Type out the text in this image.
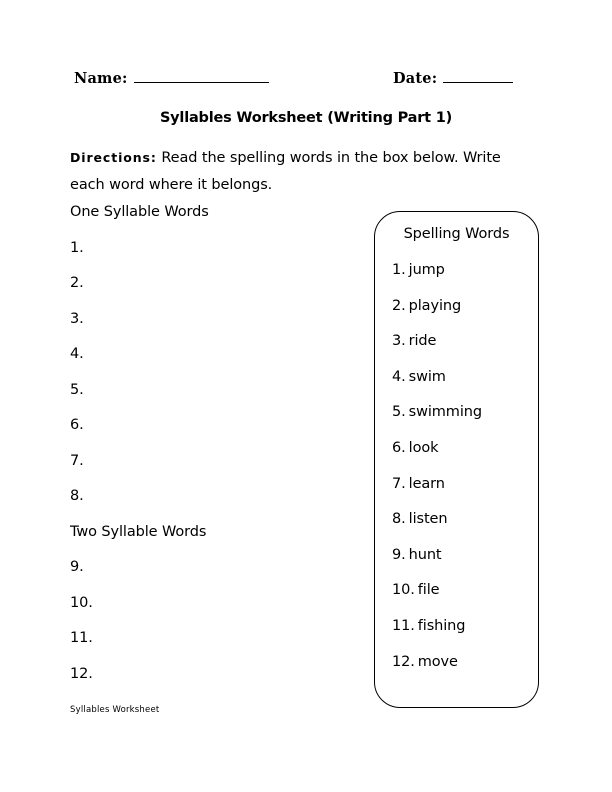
Name:	Date:
Syllables Worksheet (Writing Part 1)
Directions: Read the spelling words in the box below. Write each word where it belongs.
One Syllable Words
1.
2.
3.
4.
5.
6.
7.
8.
Two Syllable Words
9.
10.
11.
12.
Spelling Words
1. jump
2. playing
3. ride
4. swim
5. swimming
6. look
7. learn
8. listen
9. hunt
10. file
11. fishing
12. move
Syllables Worksheet
